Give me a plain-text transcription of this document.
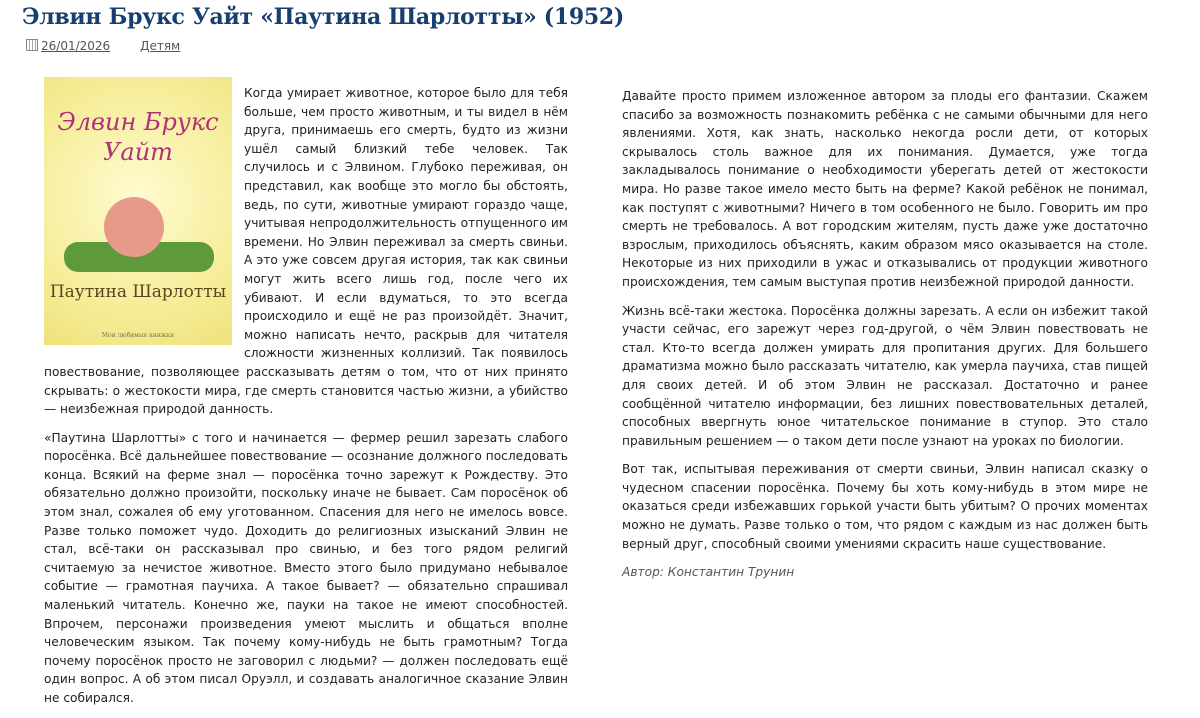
Элвин Брукс Уайт «Паутина Шарлотты» (1952)
26/01/2026	Детям
Элвин Брукс Уайт
Паутина Шарлотты
Мои любимые книжки

Когда умирает животное, которое было для тебя больше, чем просто животным, и ты видел в нём друга, принимаешь его смерть, будто из жизни ушёл самый близкий тебе человек. Так случилось и с Элвином. Глубоко переживая, он представил, как вообще это могло бы обстоять, ведь, по сути, животные умирают гораздо чаще, учитывая непродолжительность отпущенного им времени. Но Элвин переживал за смерть свиньи. А это уже совсем другая история, так как свиньи могут жить всего лишь год, после чего их убивают. И если вдуматься, то это всегда происходило и ещё не раз произойдёт. Значит, можно написать нечто, раскрыв для читателя сложности жизненных коллизий. Так появилось повествование, позволяющее рассказывать детям о том, что от них принято скрывать: о жестокости мира, где смерть становится частью жизни, а убийство — неизбежная природой данность.

«Паутина Шарлотты» с того и начинается — фермер решил зарезать слабого поросёнка. Всё дальнейшее повествование — осознание должного последовать конца. Всякий на ферме знал — поросёнка точно зарежут к Рождеству. Это обязательно должно произойти, поскольку иначе не бывает. Сам поросёнок об этом знал, сожалея об ему уготованном. Спасения для него не имелось вовсе. Разве только поможет чудо. Доходить до религиозных изысканий Элвин не стал, всё-таки он рассказывал про свинью, и без того рядом религий считаемую за нечистое животное. Вместо этого было придумано небывалое событие — грамотная паучиха. А такое бывает? — обязательно спрашивал маленький читатель. Конечно же, пауки на такое не имеют способностей. Впрочем, персонажи произведения умеют мыслить и общаться вполне человеческим языком. Так почему кому-нибудь не быть грамотным? Тогда почему поросёнок просто не заговорил с людьми? — должен последовать ещё один вопрос. А об этом писал Оруэлл, и создавать аналогичное сказание Элвин не собирался.

Давайте просто примем изложенное автором за плоды его фантазии. Скажем спасибо за возможность познакомить ребёнка с не самыми обычными для него явлениями. Хотя, как знать, насколько некогда росли дети, от которых скрывалось столь важное для их понимания. Думается, уже тогда закладывалось понимание о необходимости уберегать детей от жестокости мира. Но разве такое имело место быть на ферме? Какой ребёнок не понимал, как поступят с животными? Ничего в том особенного не было. Говорить им про смерть не требовалось. А вот городским жителям, пусть даже уже достаточно взрослым, приходилось объяснять, каким образом мясо оказывается на столе. Некоторые из них приходили в ужас и отказывались от продукции животного происхождения, тем самым выступая против неизбежной природой данности.

Жизнь всё-таки жестока. Поросёнка должны зарезать. А если он избежит такой участи сейчас, его зарежут через год-другой, о чём Элвин повествовать не стал. Кто-то всегда должен умирать для пропитания других. Для большего драматизма можно было рассказать читателю, как умерла паучиха, став пищей для своих детей. И об этом Элвин не рассказал. Достаточно и ранее сообщённой читателю информации, без лишних повествовательных деталей, способных ввергнуть юное читательское понимание в ступор. Это стало правильным решением — о таком дети после узнают на уроках по биологии.

Вот так, испытывая переживания от смерти свиньи, Элвин написал сказку о чудесном спасении поросёнка. Почему бы хоть кому-нибудь в этом мире не оказаться среди избежавших горькой участи быть убитым? О прочих моментах можно не думать. Разве только о том, что рядом с каждым из нас должен быть верный друг, способный своими умениями скрасить наше существование.

Автор: Константин Трунин
